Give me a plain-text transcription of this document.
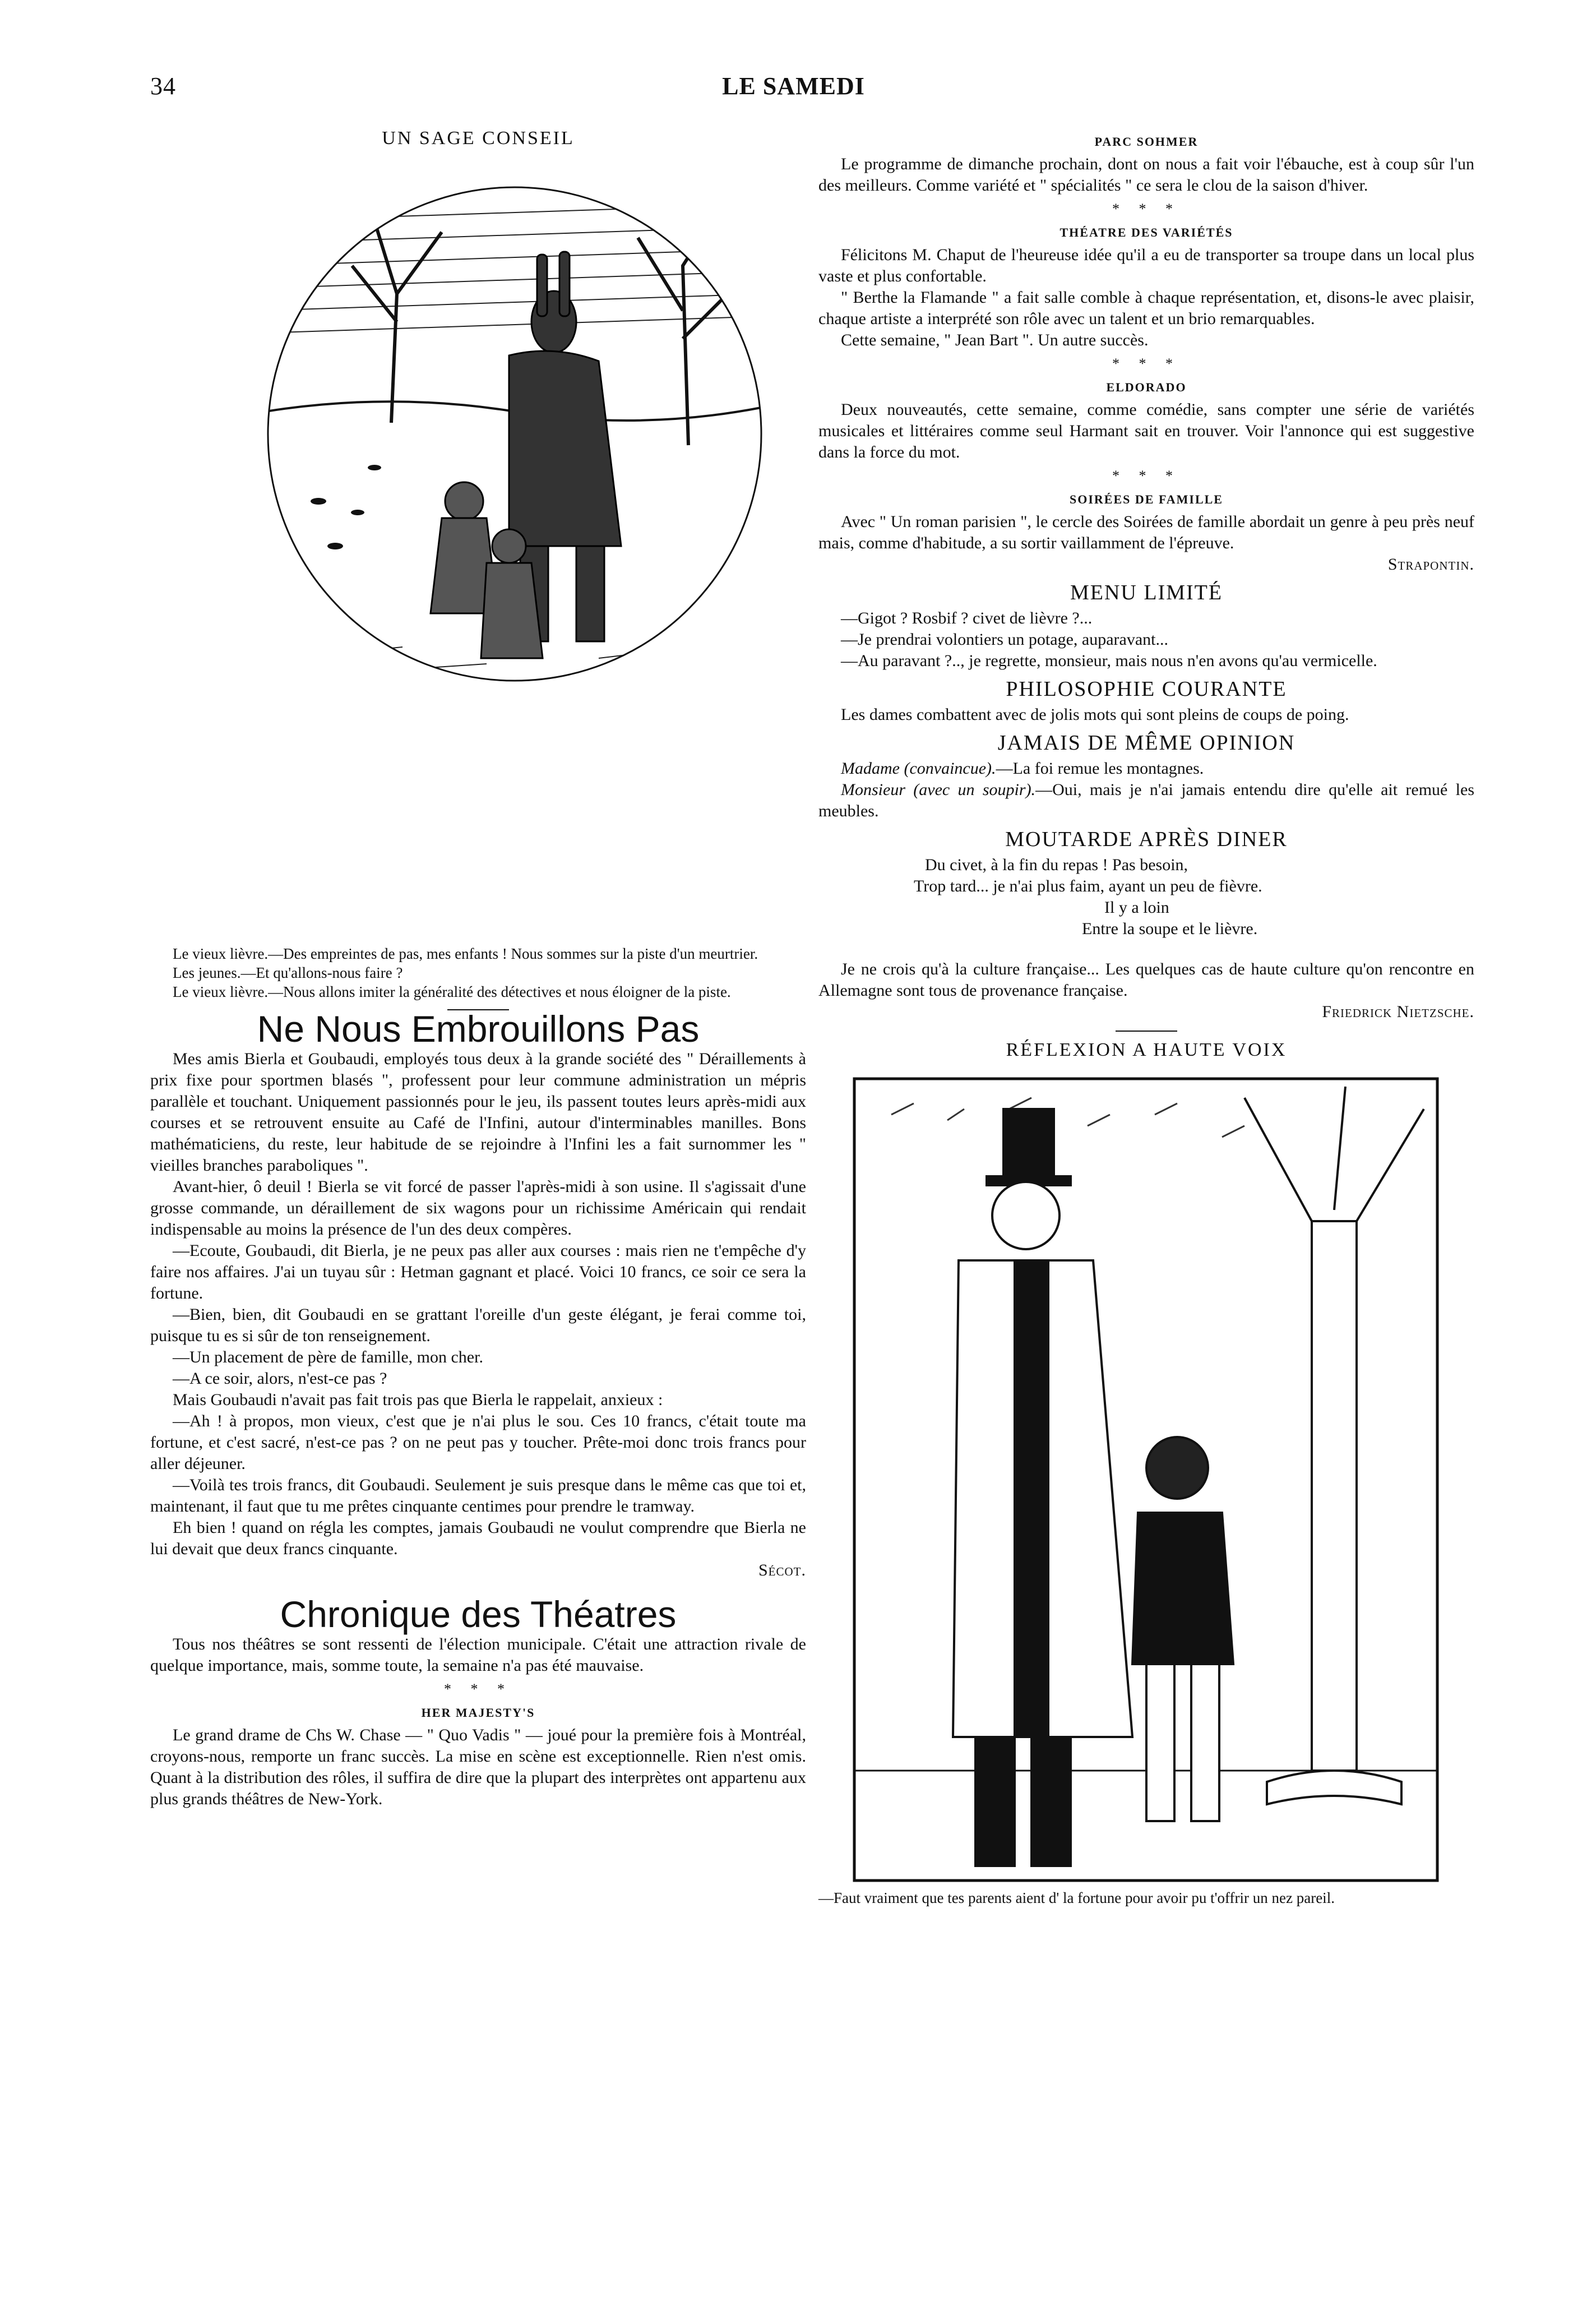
34	LE SAMEDI
UN SAGE CONSEIL

Le vieux lièvre.—Des empreintes de pas, mes enfants ! Nous sommes sur la piste d'un meurtrier.

Les jeunes.—Et qu'allons-nous faire ?

Le vieux lièvre.—Nous allons imiter la généralité des détectives et nous éloigner de la piste.

Ne Nous Embrouillons Pas

Mes amis Bierla et Goubaudi, employés tous deux à la grande société des " Déraillements à prix fixe pour sportmen blasés ", professent pour leur commune administration un mépris parallèle et touchant. Uniquement passionnés pour le jeu, ils passent toutes leurs après-midi aux courses et se retrouvent ensuite au Café de l'Infini, autour d'interminables manilles. Bons mathématiciens, du reste, leur habitude de se rejoindre à l'Infini les a fait surnommer les " vieilles branches paraboliques ".

Avant-hier, ô deuil ! Bierla se vit forcé de passer l'après-midi à son usine. Il s'agissait d'une grosse commande, un déraillement de six wagons pour un richissime Américain qui rendait indispensable au moins la présence de l'un des deux compères.

—Ecoute, Goubaudi, dit Bierla, je ne peux pas aller aux courses : mais rien ne t'empêche d'y faire nos affaires. J'ai un tuyau sûr : Hetman gagnant et placé. Voici 10 francs, ce soir ce sera la fortune.

—Bien, bien, dit Goubaudi en se grattant l'oreille d'un geste élégant, je ferai comme toi, puisque tu es si sûr de ton renseignement.

—Un placement de père de famille, mon cher.

—A ce soir, alors, n'est-ce pas ?

Mais Goubaudi n'avait pas fait trois pas que Bierla le rappelait, anxieux :

—Ah ! à propos, mon vieux, c'est que je n'ai plus le sou. Ces 10 francs, c'était toute ma fortune, et c'est sacré, n'est-ce pas ? on ne peut pas y toucher. Prête-moi donc trois francs pour aller déjeuner.

—Voilà tes trois francs, dit Goubaudi. Seulement je suis presque dans le même cas que toi et, maintenant, il faut que tu me prêtes cinquante centimes pour prendre le tramway.

Eh bien ! quand on régla les comptes, jamais Goubaudi ne voulut comprendre que Bierla ne lui devait que deux francs cinquante.

Sécot.
Chronique des Théatres

Tous nos théâtres se sont ressenti de l'élection municipale. C'était une attraction rivale de quelque importance, mais, somme toute, la semaine n'a pas été mauvaise.

* * *
HER MAJESTY'S

Le grand drame de Chs W. Chase — " Quo Vadis " — joué pour la première fois à Montréal, croyons-nous, remporte un franc succès. La mise en scène est exceptionnelle. Rien n'est omis. Quant à la distribution des rôles, il suffira de dire que la plupart des interprètes ont appartenu aux plus grands théâtres de New-York.

PARC SOHMER

Le programme de dimanche prochain, dont on nous a fait voir l'ébauche, est à coup sûr l'un des meilleurs. Comme variété et " spécialités " ce sera le clou de la saison d'hiver.

* * *
THÉATRE DES VARIÉTÉS

Félicitons M. Chaput de l'heureuse idée qu'il a eu de transporter sa troupe dans un local plus vaste et plus confortable.

" Berthe la Flamande " a fait salle comble à chaque représentation, et, disons-le avec plaisir, chaque artiste a interprété son rôle avec un talent et un brio remarquables.

Cette semaine, " Jean Bart ". Un autre succès.

* * *
ELDORADO

Deux nouveautés, cette semaine, comme comédie, sans compter une série de variétés musicales et littéraires comme seul Harmant sait en trouver. Voir l'annonce qui est suggestive dans la force du mot.

* * *
SOIRÉES DE FAMILLE

Avec " Un roman parisien ", le cercle des Soirées de famille abordait un genre à peu près neuf mais, comme d'habitude, a su sortir vaillamment de l'épreuve.

Strapontin.
MENU LIMITÉ

—Gigot ? Rosbif ? civet de lièvre ?...

—Je prendrai volontiers un potage, auparavant...

—Au paravant ?.., je regrette, monsieur, mais nous n'en avons qu'au vermicelle.

PHILOSOPHIE COURANTE

Les dames combattent avec de jolis mots qui sont pleins de coups de poing.

JAMAIS DE MÊME OPINION

Madame (convaincue).—La foi remue les montagnes.

Monsieur (avec un soupir).—Oui, mais je n'ai jamais entendu dire qu'elle ait remué les meubles.

MOUTARDE APRÈS DINER

Du civet, à la fin du repas ! Pas besoin,

Trop tard... je n'ai plus faim, ayant un peu de fièvre.

Il y a loin

Entre la soupe et le lièvre.

Je ne crois qu'à la culture française... Les quelques cas de haute culture qu'on rencontre en Allemagne sont tous de provenance française.

Friedrick Nietzsche.
RÉFLEXION A HAUTE VOIX
—Faut vraiment que tes parents aient d' la fortune pour avoir pu t'offrir un nez pareil.
